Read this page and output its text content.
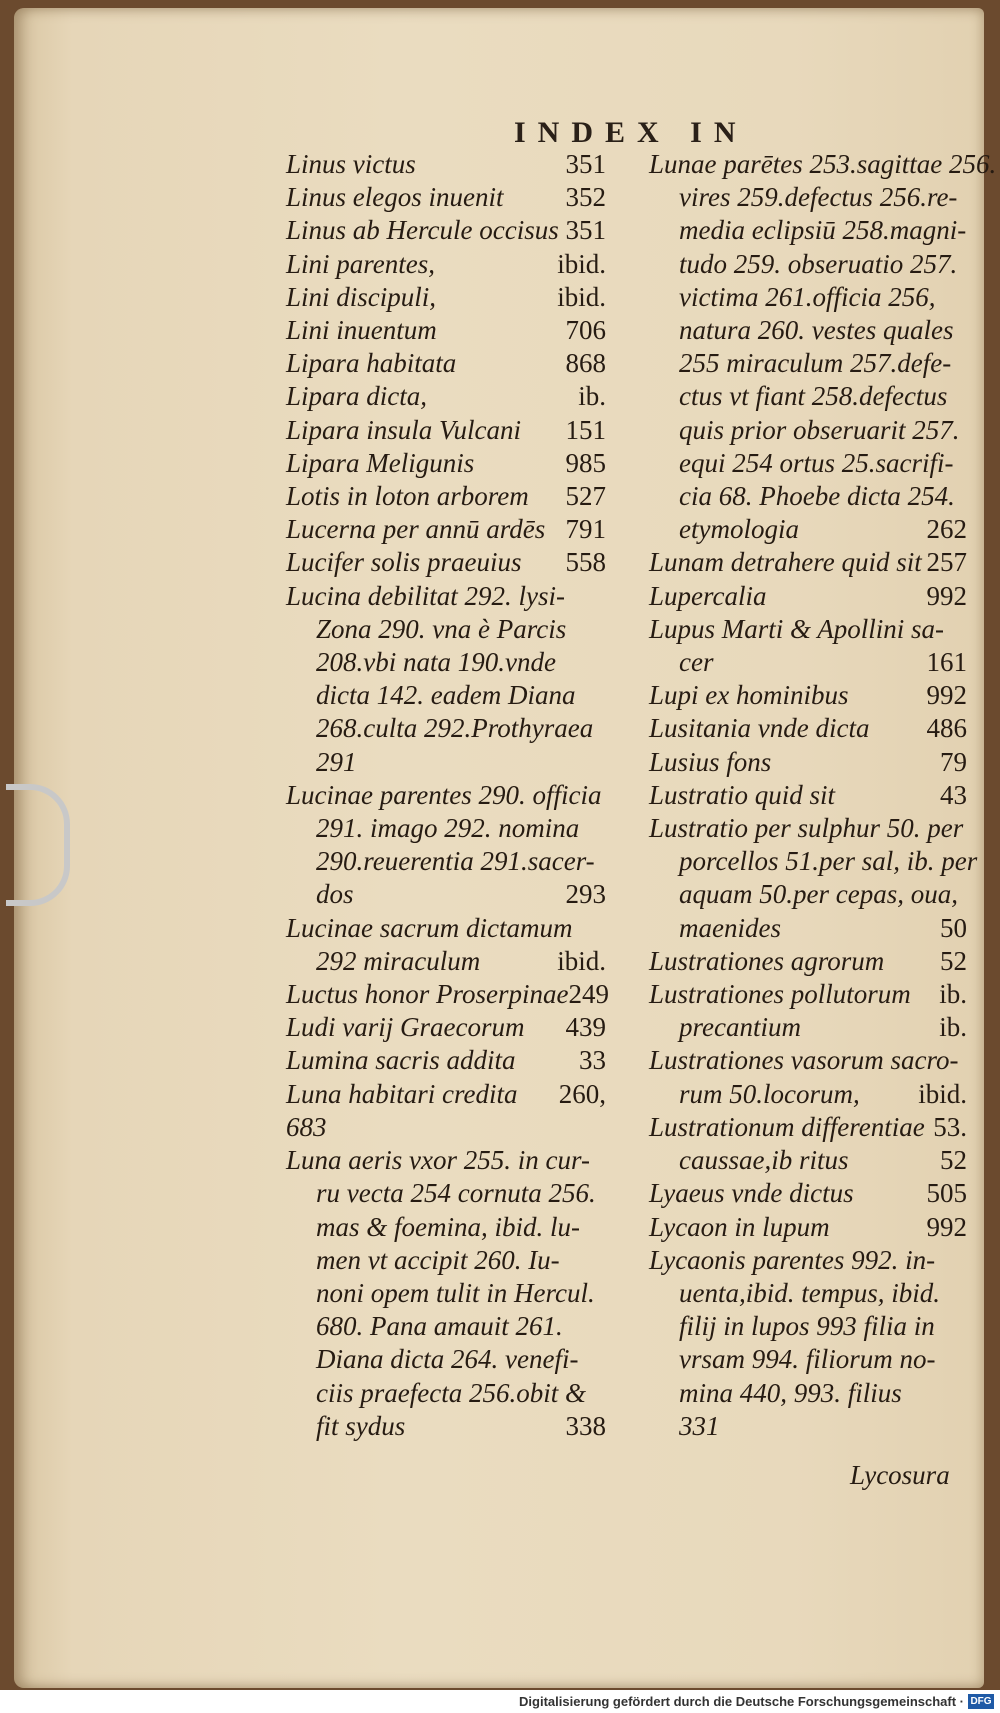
INDEX IN
Linus victus	351
Linus elegos inuenit 352
Linus ab Hercule occisus 351
Lini parentes,	ibid.
Lini discipuli,	ibid.
Lini inuentum	706
Lipara habitata	868
Lipara dicta,	ib.
Lipara insula Vulcani 151
Lipara Meligunis	985
Lotis in loton arborem 527
Lucerna per annū ardēs 791
Lucifer solis praeuius 558
Lucina debilitat 292. lysi-
Zona 290. vna è Parcis
208.vbi nata 190.vnde
dicta 142. eadem Diana
268.culta 292.Prothyraea
291
Lucinae parentes 290. officia
291. imago 292. nomina
290.reuerentia 291.sacer-
dos	293
Lucinae sacrum dictamum
292 miraculum	ibid.
Luctus honor Proserpinae 249
Ludi varij Graecorum 439
Lumina sacris addita 33
Luna habitari credita 260,
683
Luna aeris vxor 255. in cur-
ru vecta 254 cornuta 256.
mas & foemina, ibid. lu-
men vt accipit 260. Iu-
noni opem tulit in Hercul.
680. Pana amauit 261.
Diana dicta 264. venefi-
ciis praefecta 256.obit &
fit sydus	338
Lunae parētes 253.sagittae 256.
vires 259.defectus 256.re-
media eclipsiū 258.magni-
tudo 259. obseruatio 257.
victima 261.officia 256,
natura 260. vestes quales
255 miraculum 257.defe-
ctus vt fiant 258.defectus
quis prior obseruarit 257.
equi 254 ortus 25.sacrifi-
cia 68. Phoebe dicta 254.
etymologia	262
Lunam detrahere quid sit 257
Lupercalia	992
Lupus Marti & Apollini sa-
cer	161
Lupi ex hominibus	992
Lusitania vnde dicta 486
Lusius fons	79
Lustratio quid sit	43
Lustratio per sulphur 50. per
porcellos 51.per sal, ib. per
aquam 50.per cepas, oua,
maenides	50
Lustrationes agrorum 52
Lustrationes pollutorum ib.
precantium	ib.
Lustrationes vasorum sacro-
rum 50.locorum, ibid.
Lustrationum differentiae 53.
caussae,ib ritus	52
Lyaeus vnde dictus	505
Lycaon in lupum	992
Lycaonis parentes 992. in-
uenta,ibid. tempus, ibid.
filij in lupos 993 filia in
vrsam 994. filiorum no-
mina 440, 993. filius
331
Lycosura
Digitalisierung gefördert durch die Deutsche Forschungsgemeinschaft · DFG
